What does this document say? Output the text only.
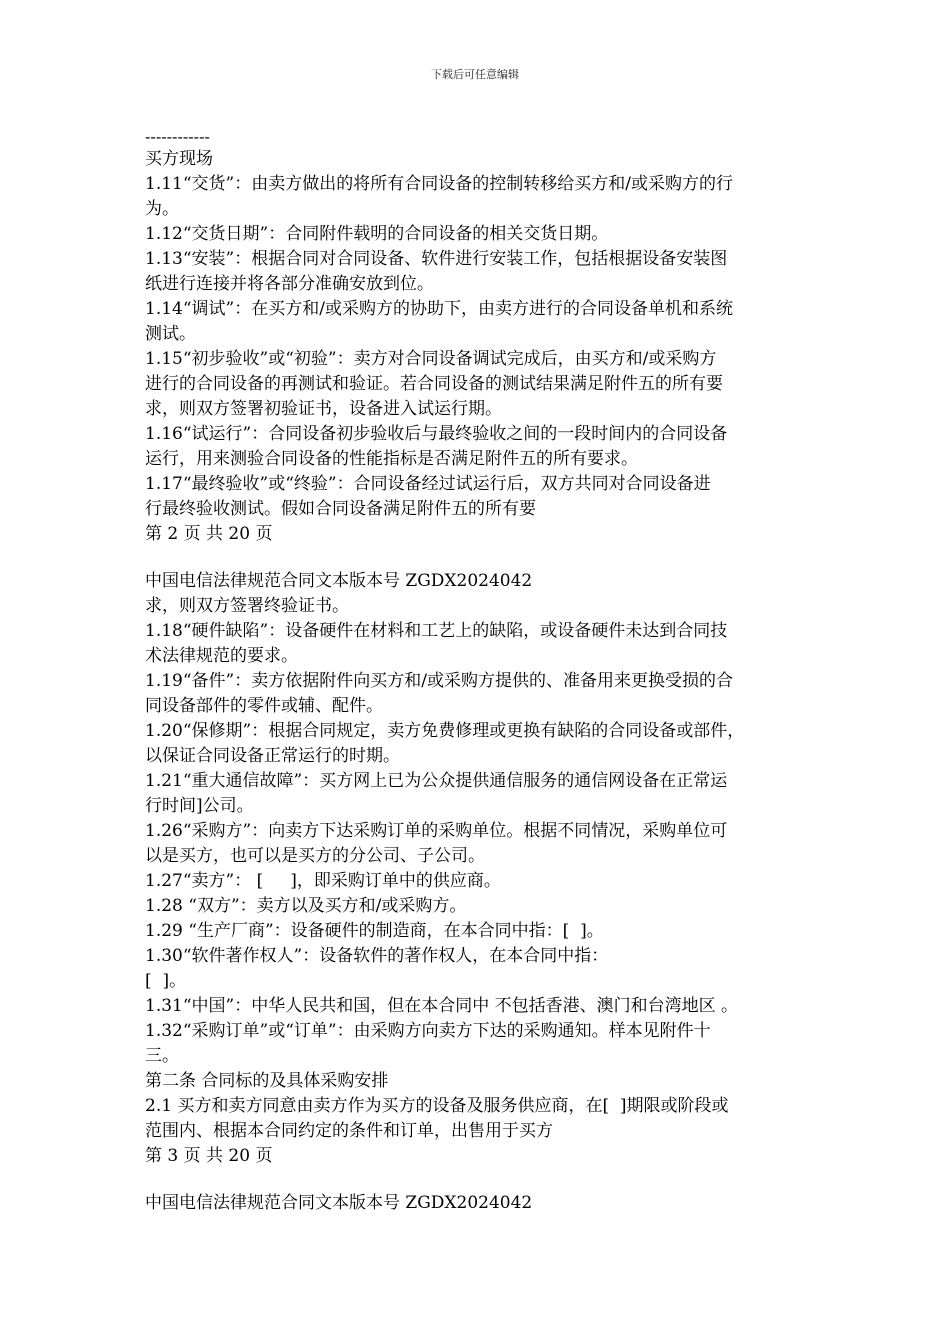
下载后可任意编辑
------------
买方现场
1.11“交货”：由卖方做出的将所有合同设备的控制转移给买方和/或采购方的行
为。
1.12“交货日期”：合同附件载明的合同设备的相关交货日期。
1.13“安装”：根据合同对合同设备、软件进行安装工作，包括根据设备安装图
纸进行连接并将各部分准确安放到位。
1.14“调试”：在买方和/或采购方的协助下，由卖方进行的合同设备单机和系统
测试。
1.15“初步验收”或“初验”：卖方对合同设备调试完成后，由买方和/或采购方
进行的合同设备的再测试和验证。若合同设备的测试结果满足附件五的所有要
求，则双方签署初验证书，设备进入试运行期。
1.16“试运行”：合同设备初步验收后与最终验收之间的一段时间内的合同设备
运行，用来测验合同设备的性能指标是否满足附件五的所有要求。
1.17“最终验收”或“终验”：合同设备经过试运行后，双方共同对合同设备进
行最终验收测试。假如合同设备满足附件五的所有要
第 2 页 共 20 页
中国电信法律规范合同文本版本号 ZGDX2024042
求，则双方签署终验证书。
1.18“硬件缺陷”：设备硬件在材料和工艺上的缺陷，或设备硬件未达到合同技
术法律规范的要求。
1.19“备件”：卖方依据附件向买方和/或采购方提供的、准备用来更换受损的合
同设备部件的零件或辅、配件。
1.20“保修期”：根据合同规定，卖方免费修理或更换有缺陷的合同设备或部件，
以保证合同设备正常运行的时期。
1.21“重大通信故障”：买方网上已为公众提供通信服务的通信网设备在正常运
行时间]公司。
1.26“采购方”：向卖方下达采购订单的采购单位。根据不同情况，采购单位可
以是买方，也可以是买方的分公司、子公司。
1.27“卖方”： [     ]，即采购订单中的供应商。
1.28 “双方”：卖方以及买方和/或采购方。
1.29 “生产厂商”：设备硬件的制造商，在本合同中指：[  ]。
1.30“软件著作权人”：设备软件的著作权人，在本合同中指：
[  ]。
1.31“中国”：中华人民共和国，但在本合同中 不包括香港、澳门和台湾地区 。
1.32“采购订单”或“订单”：由采购方向卖方下达的采购通知。样本见附件十
三。
第二条 合同标的及具体采购安排
2.1 买方和卖方同意由卖方作为买方的设备及服务供应商，在[  ]期限或阶段或
范围内、根据本合同约定的条件和订单，出售用于买方
第 3 页 共 20 页
中国电信法律规范合同文本版本号 ZGDX2024042
